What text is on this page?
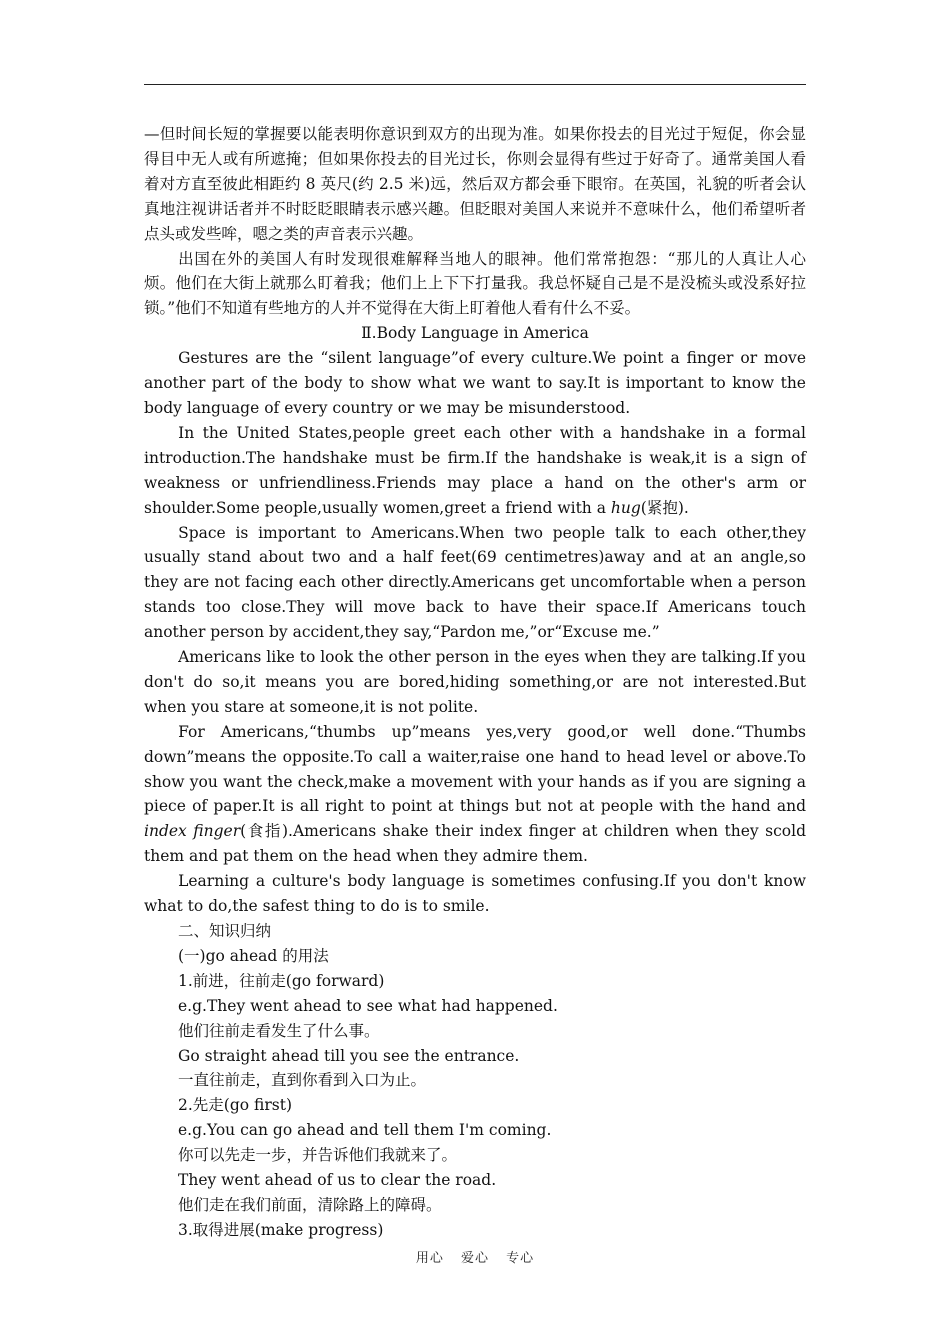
—但时间长短的掌握要以能表明你意识到双方的出现为准。如果你投去的目光过于短促，你会显得目中无人或有所遮掩；但如果你投去的目光过长，你则会显得有些过于好奇了。通常美国人看着对方直至彼此相距约 8 英尺(约 2.5 米)远，然后双方都会垂下眼帘。在英国，礼貌的听者会认真地注视讲话者并不时眨眨眼睛表示感兴趣。但眨眼对美国人来说并不意味什么，他们希望听者点头或发些哞，嗯之类的声音表示兴趣。

出国在外的美国人有时发现很难解释当地人的眼神。他们常常抱怨：“那儿的人真让人心烦。他们在大街上就那么盯着我；他们上上下下打量我。我总怀疑自己是不是没梳头或没系好拉锁。”他们不知道有些地方的人并不觉得在大街上盯着他人看有什么不妥。

Ⅱ.Body Language in America

Gestures are the “silent language”of every culture.We point a finger or move another part of the body to show what we want to say.It is important to know the body language of every country or we may be misunderstood.

In the United States,people greet each other with a handshake in a formal introduction.The handshake must be firm.If the handshake is weak,it is a sign of weakness or unfriendliness.Friends may place a hand on the other's arm or shoulder.Some people,usually women,greet a friend with a hug(紧抱).

Space is important to Americans.When two people talk to each other,they usually stand about two and a half feet(69 centimetres)away and at an angle,so they are not facing each other directly.Americans get uncomfortable when a person stands too close.They will move back to have their space.If Americans touch another person by accident,they say,“Pardon me,”or“Excuse me.”

Americans like to look the other person in the eyes when they are talking.If you don't do so,it means you are bored,hiding something,or are not interested.But when you stare at someone,it is not polite.

For Americans,“thumbs up”means yes,very good,or well done.“Thumbs down”means the opposite.To call a waiter,raise one hand to head level or above.To show you want the check,make a movement with your hands as if you are signing a piece of paper.It is all right to point at things but not at people with the hand and index finger(食指).Americans shake their index finger at children when they scold them and pat them on the head when they admire them.

Learning a culture's body language is sometimes confusing.If you don't know what to do,the safest thing to do is to smile.

二、知识归纳

(一)go ahead 的用法

1.前进，往前走(go forward)

e.g.They went ahead to see what had happened.

他们往前走看发生了什么事。

Go straight ahead till you see the entrance.

一直往前走，直到你看到入口为止。

2.先走(go first)

e.g.You can go ahead and tell them I'm coming.

你可以先走一步，并告诉他们我就来了。

They went ahead of us to clear the road.

他们走在我们前面，清除路上的障碍。

3.取得进展(make progress)

用心 爱心 专心
